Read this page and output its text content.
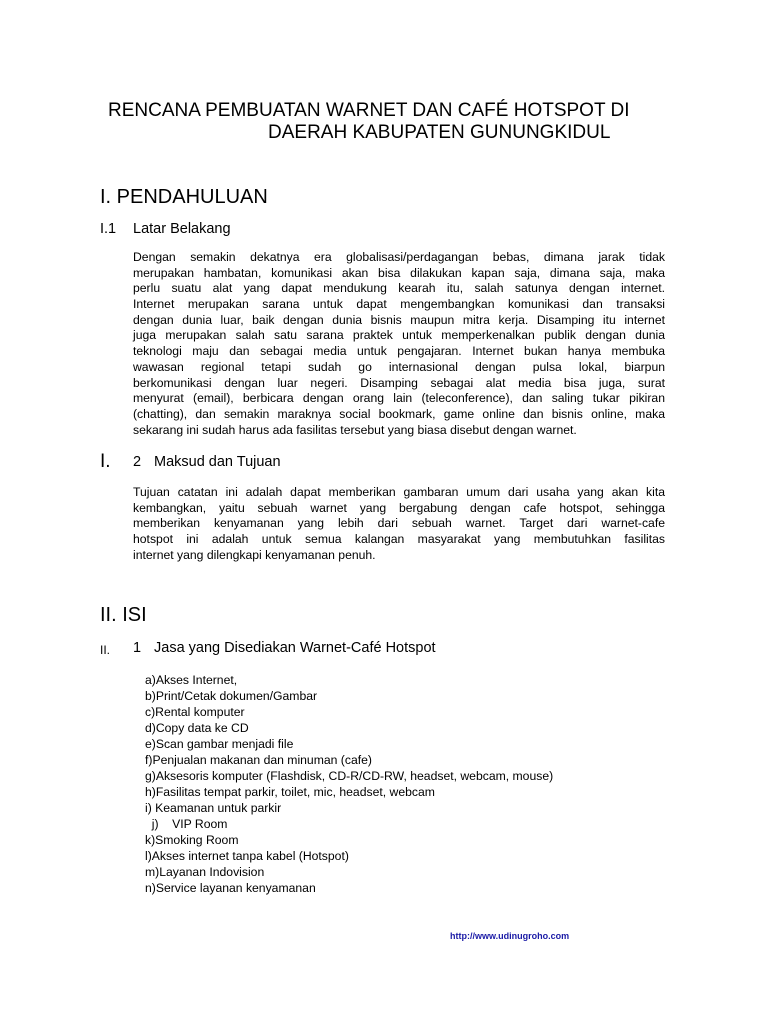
RENCANA PEMBUATAN WARNET DAN CAFÉ HOTSPOT DI
DAERAH KABUPATEN GUNUNGKIDUL
I. PENDAHULUAN
I.1 Latar Belakang
Dengan semakin dekatnya era globalisasi/perdagangan bebas, dimana jarak tidak
merupakan hambatan, komunikasi akan bisa dilakukan kapan saja, dimana saja, maka
perlu suatu alat yang dapat mendukung kearah itu, salah satunya dengan internet.
Internet merupakan sarana untuk dapat mengembangkan komunikasi dan transaksi
dengan dunia luar, baik dengan dunia bisnis maupun mitra kerja. Disamping itu internet
juga merupakan salah satu sarana praktek untuk memperkenalkan publik dengan dunia
teknologi maju dan sebagai media untuk pengajaran. Internet bukan hanya membuka
wawasan regional tetapi sudah go internasional dengan pulsa lokal, biarpun
berkomunikasi dengan luar negeri. Disamping sebagai alat media bisa juga, surat
menyurat (email), berbicara dengan orang lain (teleconference), dan saling tukar pikiran
(chatting), dan semakin maraknya social bookmark, game online dan bisnis online, maka
sekarang ini sudah harus ada fasilitas tersebut yang biasa disebut dengan warnet.
I. 2 Maksud dan Tujuan
Tujuan catatan ini adalah dapat memberikan gambaran umum dari usaha yang akan kita
kembangkan, yaitu sebuah warnet yang bergabung dengan cafe hotspot, sehingga
memberikan kenyamanan yang lebih dari sebuah warnet. Target dari warnet-cafe
hotspot ini adalah untuk semua kalangan masyarakat yang membutuhkan fasilitas
internet yang dilengkapi kenyamanan penuh.
II. ISI
II. 1 Jasa yang Disediakan Warnet-Café Hotspot
a)Akses Internet,
b)Print/Cetak dokumen/Gambar
c)Rental komputer
d)Copy data ke CD
e)Scan gambar menjadi file
f)Penjualan makanan dan minuman (cafe)
g)Aksesoris komputer (Flashdisk, CD-R/CD-RW, headset, webcam, mouse)
h)Fasilitas tempat parkir, toilet, mic, headset, webcam
i) Keamanan untuk parkir
j)    VIP Room
k)Smoking Room
l)Akses internet tanpa kabel (Hotspot)
m)Layanan Indovision
n)Service layanan kenyamanan
http://www.udinugroho.com
